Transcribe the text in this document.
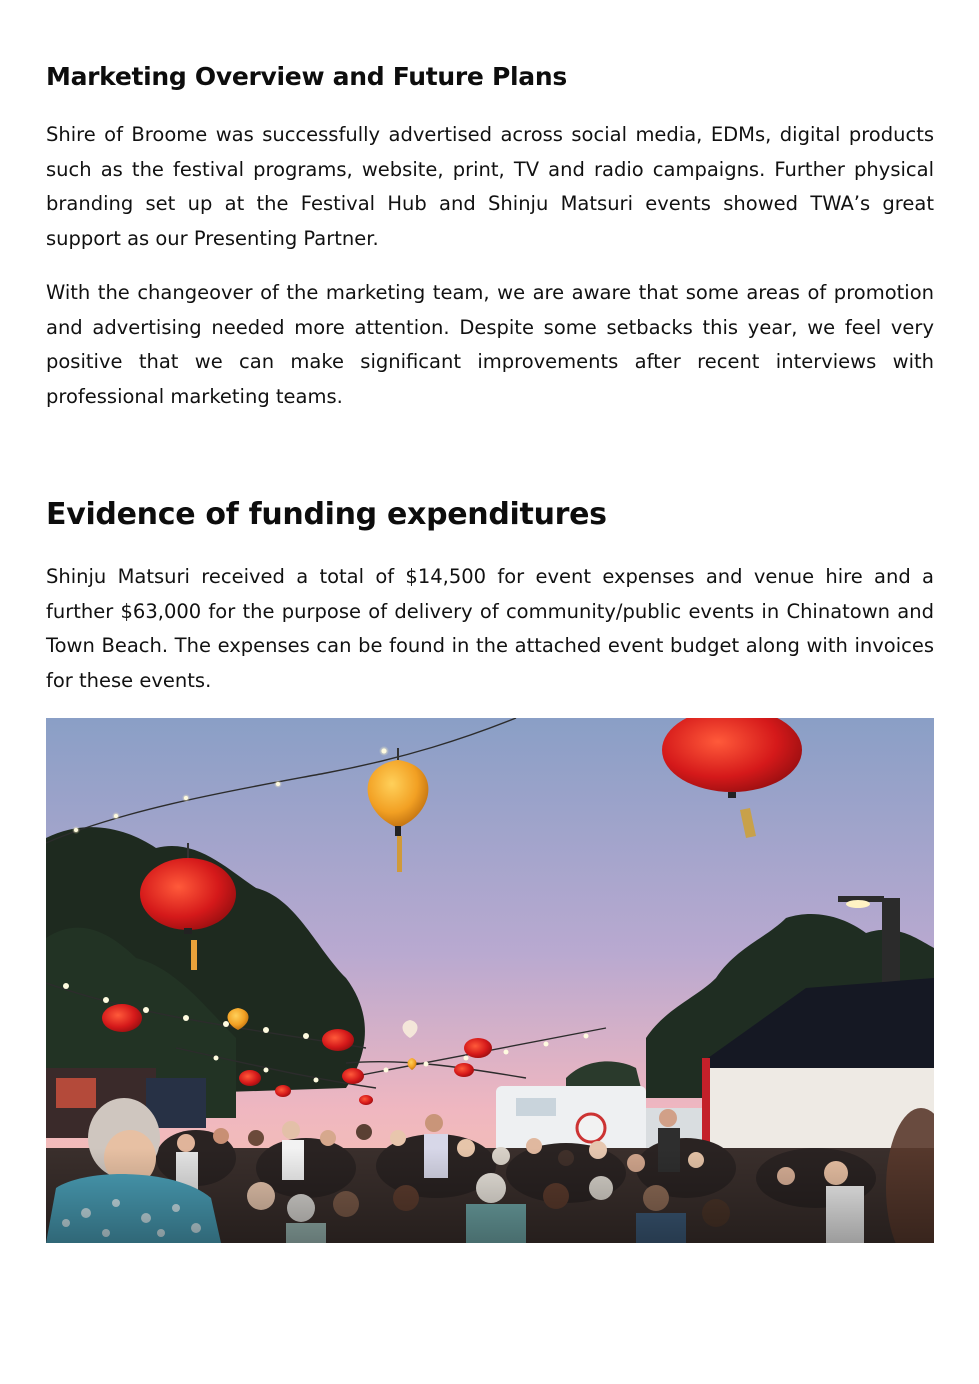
Marketing Overview and Future Plans

Shire of Broome was successfully advertised across social media, EDMs, digital products such as the festival programs, website, print, TV and radio campaigns. Further physical branding set up at the Festival Hub and Shinju Matsuri events showed TWA’s great support as our Presenting Partner.

With the changeover of the marketing team, we are aware that some areas of promotion and advertising needed more attention. Despite some setbacks this year, we feel very positive that we can make significant improvements after recent interviews with professional marketing teams.

Evidence of funding expenditures

Shinju Matsuri received a total of $14,500 for event expenses and venue hire and a further $63,000 for the purpose of delivery of community/public events in Chinatown and Town Beach. The expenses can be found in the attached event budget along with invoices for these events.
